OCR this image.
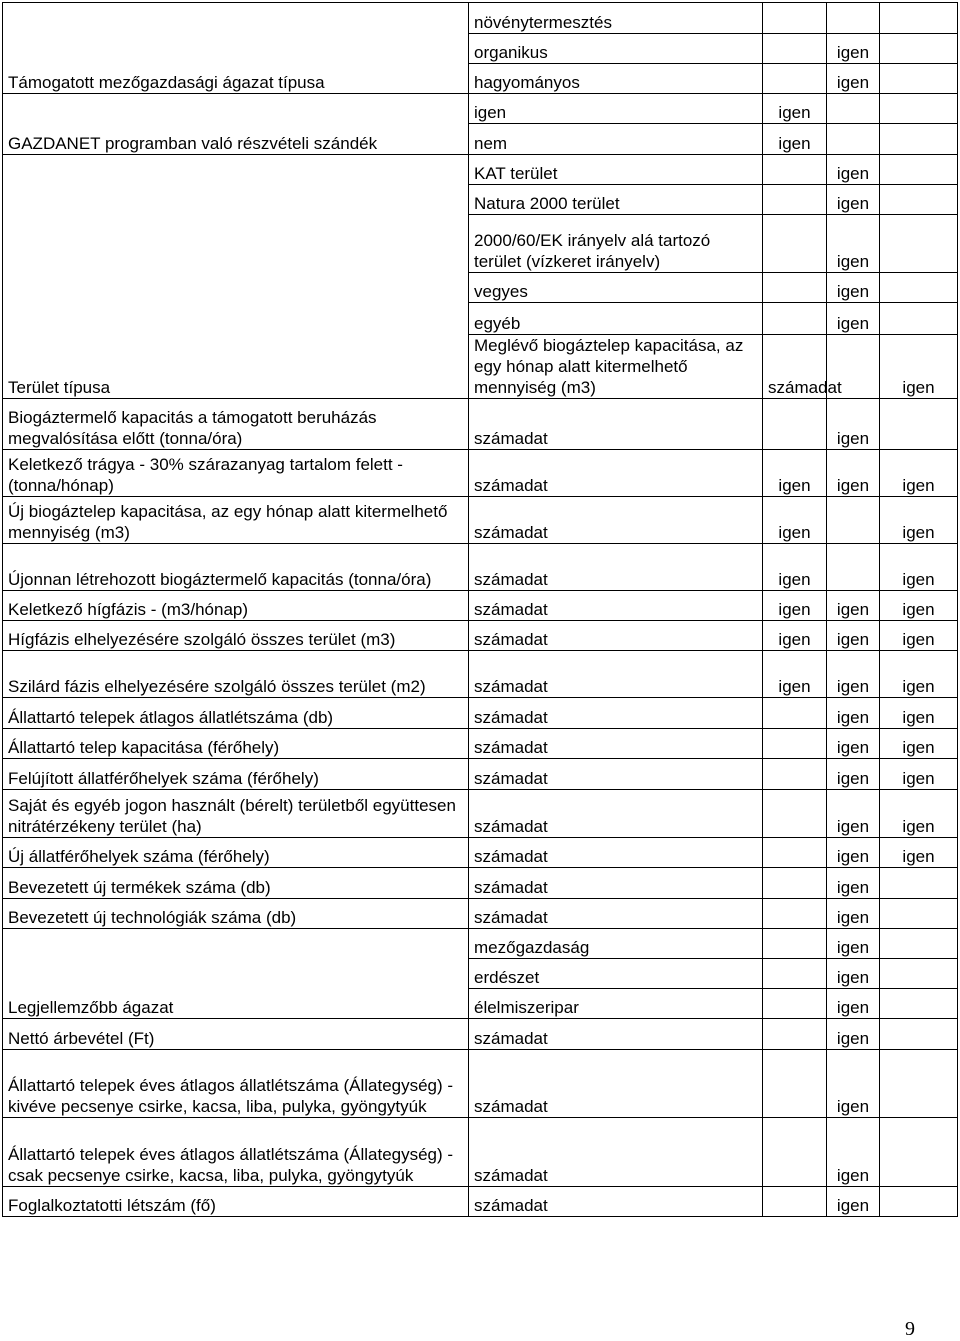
Támogatott mezőgazdasági ágazat típusa	növénytermesztés				
	organikus		igen		
	hagyományos		igen		
GAZDANET programban való részvételi szándék	igen	igen			
	nem	igen			
Terület típusa	KAT terület		igen		
	Natura 2000 terület		igen		
	2000/60/EK irányelv alá tartozó terület (vízkeret irányelv)		igen		
	vegyes		igen		
	egyéb		igen		
	Meglévő biogáztelep kapacitása, az egy hónap alatt kitermelhető mennyiség (m3)	számadat		igen	
Biogáztermelő kapacitás a támogatott beruházás megvalósítása előtt (tonna/óra)	számadat		igen		
Keletkező trágya - 30% szárazanyag tartalom felett - (tonna/hónap)	számadat	igen	igen	igen	
Új biogáztelep kapacitása, az egy hónap alatt kitermelhető mennyiség (m3)	számadat	igen		igen	
Újonnan létrehozott biogáztermelő kapacitás (tonna/óra)	számadat	igen		igen	
Keletkező hígfázis - (m3/hónap)	számadat	igen	igen	igen	
Hígfázis elhelyezésére szolgáló összes terület (m3)	számadat	igen	igen	igen	
Szilárd fázis elhelyezésére szolgáló összes terület (m2)	számadat	igen	igen	igen	
Állattartó telepek átlagos állatlétszáma (db)	számadat		igen	igen	
Állattartó telep kapacitása (férőhely)	számadat		igen	igen	
Felújított állatférőhelyek száma (férőhely)	számadat		igen	igen	
Saját és egyéb jogon használt (bérelt) területből együttesen nitrátérzékeny terület (ha)	számadat		igen	igen	
Új állatférőhelyek száma (férőhely)	számadat		igen	igen	
Bevezetett új termékek száma (db)	számadat		igen		
Bevezetett új technológiák száma (db)	számadat		igen		
Legjellemzőbb ágazat	mezőgazdaság		igen		
	erdészet		igen		
	élelmiszeripar		igen		
Nettó árbevétel (Ft)	számadat		igen		
Állattartó telepek éves átlagos állatlétszáma (Állategység) - kivéve pecsenye csirke, kacsa, liba, pulyka, gyöngytyúk	számadat		igen		
Állattartó telepek éves átlagos állatlétszáma (Állategység) - csak pecsenye csirke, kacsa, liba, pulyka, gyöngytyúk	számadat		igen		
Foglalkoztatotti létszám (fő)	számadat		igen		
9
